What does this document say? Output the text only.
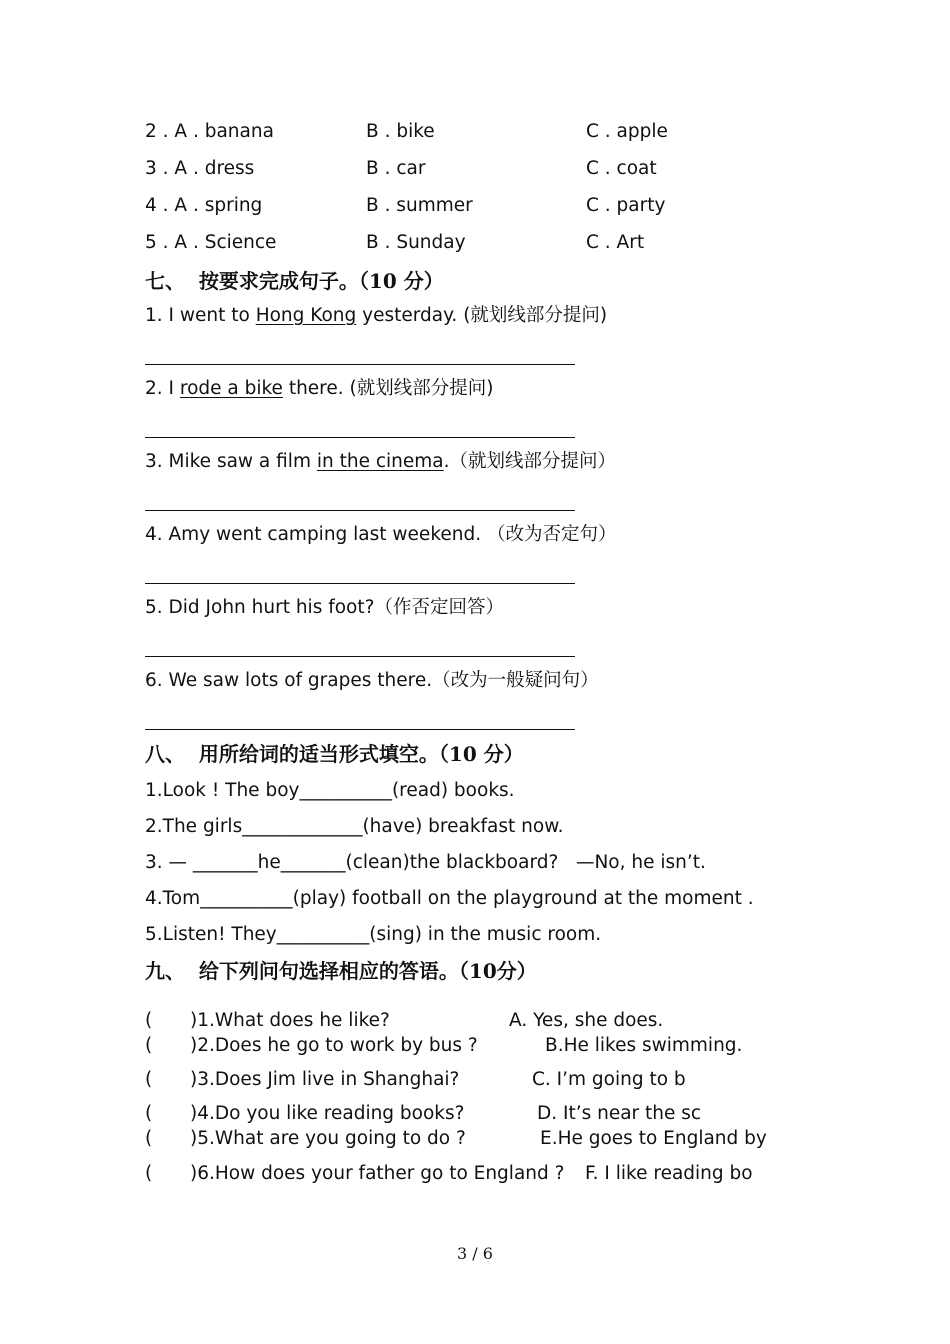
2 . A . banana	B . bike	C . apple
3 . A . dress	B . car	C . coat
4 . A . spring	B . summer	C . party
5 . A . Science	B . Sunday	C . Art
七、  按要求完成句子。（10 分）
1. I went to Hong Kong yesterday. (就划线部分提问)
2. I rode a bike there. (就划线部分提问)
3. Mike saw a film in the cinema.（就划线部分提问）
4. Amy went camping last weekend. （改为否定句）
5. Did John hurt his foot?（作否定回答）
6. We saw lots of grapes there.（改为一般疑问句）
八、  用所给词的适当形式填空。（10 分）
1.Look ! The boy__________(read) books.
2.The girls_____________(have) breakfast now.
3. — _______he_______(clean)the blackboard?   —No, he isn’t.
4.Tom__________(play) football on the playground at the moment .
5.Listen! They__________(sing) in the music room.
九、  给下列问句选择相应的答语。（10分）
( )1.What does he like?	A. Yes, she does.
( )2.Does he go to work by bus ?	B.He likes swimming.
( )3.Does Jim live in Shanghai?	C. I’m going to b
( )4.Do you like reading books?	D. It’s near the sc
( )5.What are you going to do ?	E.He goes to England by
( )6.How does your father go to England ? F. I like reading bo
3 / 6
